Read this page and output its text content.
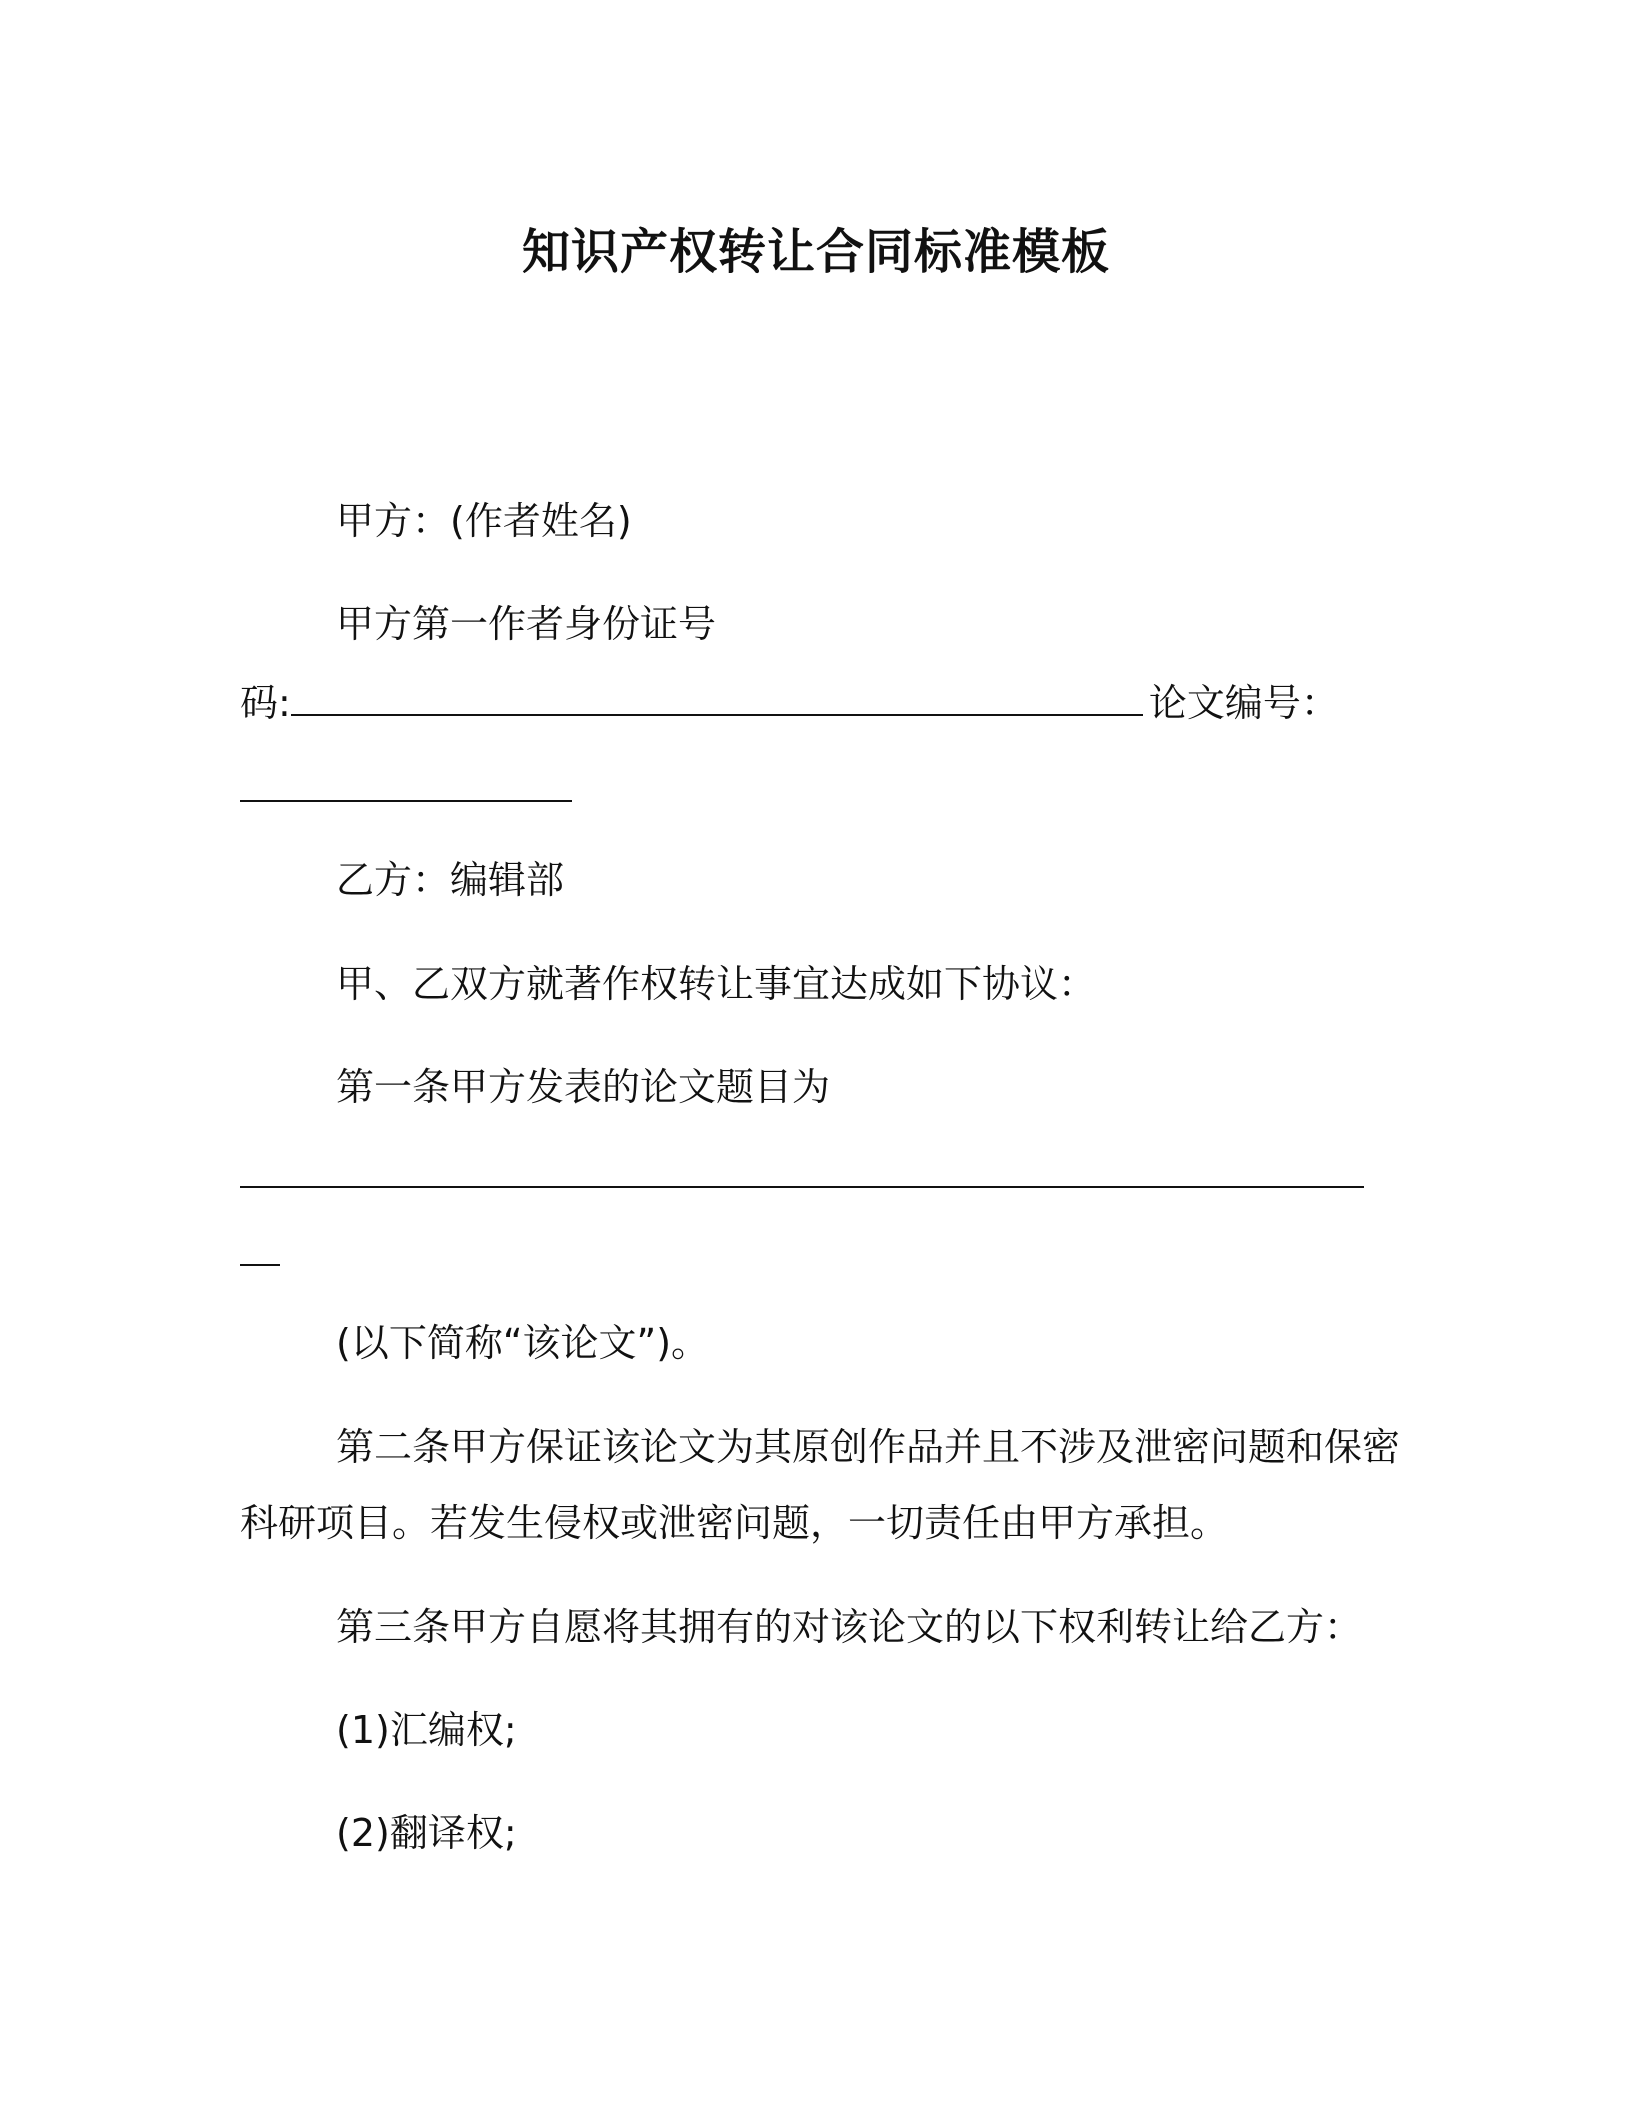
知识产权转让合同标准模板
甲方：(作者姓名)
甲方第一作者身份证号
码:	论文编号：
乙方：编辑部
甲、乙双方就著作权转让事宜达成如下协议：
第一条甲方发表的论文题目为
(以下简称“该论文”)。
第二条甲方保证该论文为其原创作品并且不涉及泄密问题和保密
科研项目。若发生侵权或泄密问题，一切责任由甲方承担。
第三条甲方自愿将其拥有的对该论文的以下权利转让给乙方：
(1)汇编权;
(2)翻译权;
